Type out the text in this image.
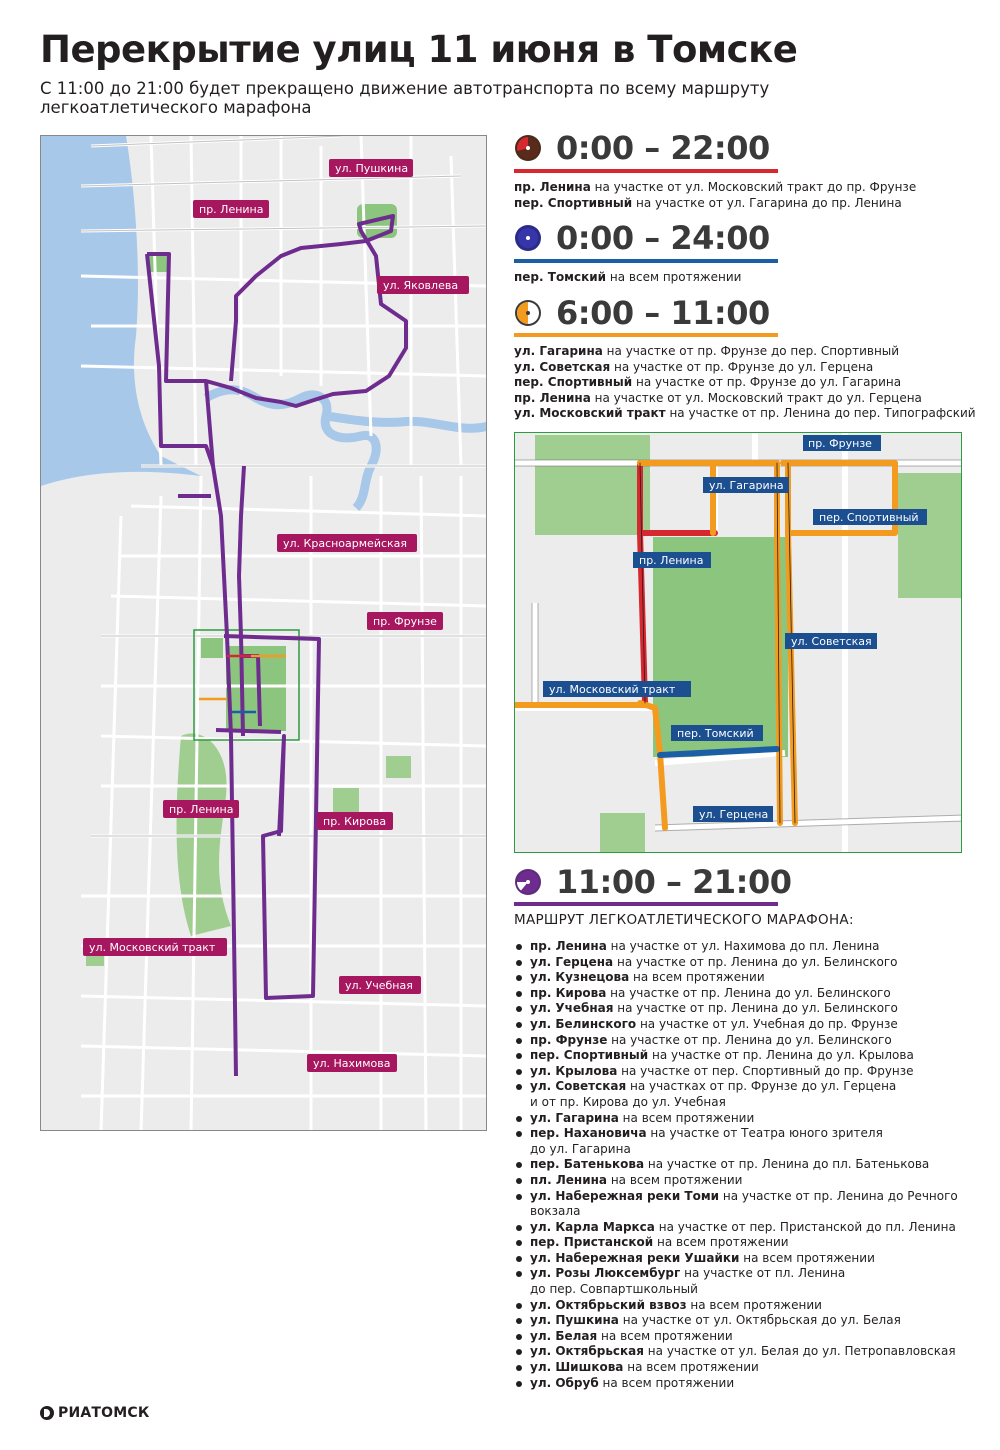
Перекрытие улиц 11 июня в Томске

С 11:00 до 21:00 будет прекращено движение автотранспорта по всему маршруту легкоатлетического марафона

ул. Пушкина
пр. Ленина
ул. Яковлева
ул. Красноармейская
пр. Фрунзе
пр. Ленина
пр. Кирова
ул. Московский тракт
ул. Учебная
ул. Нахимова
0:00 – 22:00
пр. Ленина на участке от ул. Московский тракт до пр. Фрунзе
пер. Спортивный на участке от ул. Гагарина до пр. Ленина
0:00 – 24:00
пер. Томский на всем протяжении
6:00 – 11:00
ул. Гагарина на участке от пр. Фрунзе до пер. Спортивный
ул. Советская на участке от пр. Фрунзе до ул. Герцена
пер. Спортивный на участке от пр. Фрунзе до ул. Гагарина
пр. Ленина на участке от ул. Московский тракт до ул. Герцена
ул. Московский тракт на участке от пр. Ленина до пер. Типографский
пр. Фрунзе
ул. Гагарина
пер. Спортивный
пр. Ленина
ул. Советская
ул. Московский тракт
пер. Томский
ул. Герцена
11:00 – 21:00
МАРШРУТ ЛЕГКОАТЛЕТИЧЕСКОГО МАРАФОНА:
пр. Ленина на участке от ул. Нахимова до пл. Ленина
ул. Герцена на участке от пр. Ленина до ул. Белинского
ул. Кузнецова на всем протяжении
пр. Кирова на участке от пр. Ленина до ул. Белинского
ул. Учебная на участке от пр. Ленина до ул. Белинского
ул. Белинского на участке от ул. Учебная до пр. Фрунзе
пр. Фрунзе на участке от пр. Ленина до ул. Белинского
пер. Спортивный на участке от пр. Ленина до ул. Крылова
ул. Крылова на участке от пер. Спортивный до пр. Фрунзе
ул. Советская на участках от пр. Фрунзе до ул. Герцена
и от пр. Кирова до ул. Учебная
ул. Гагарина на всем протяжении
пер. Нахановича на участке от Театра юного зрителя
до ул. Гагарина
пер. Батенькова на участке от пр. Ленина до пл. Батенькова
пл. Ленина на всем протяжении
ул. Набережная реки Томи на участке от пр. Ленина до Речного
вокзала
ул. Карла Маркса на участке от пер. Пристанской до пл. Ленина
пер. Пристанской на всем протяжении
ул. Набережная реки Ушайки на всем протяжении
ул. Розы Люксембург на участке от пл. Ленина
до пер. Совпартшкольный
ул. Октябрьский взвоз на всем протяжении
ул. Пушкина на участке от ул. Октябрьская до ул. Белая
ул. Белая на всем протяжении
ул. Октябрьская на участке от ул. Белая до ул. Петропавловская
ул. Шишкова на всем протяжении
ул. Обруб на всем протяжении
РИАТОМСК
